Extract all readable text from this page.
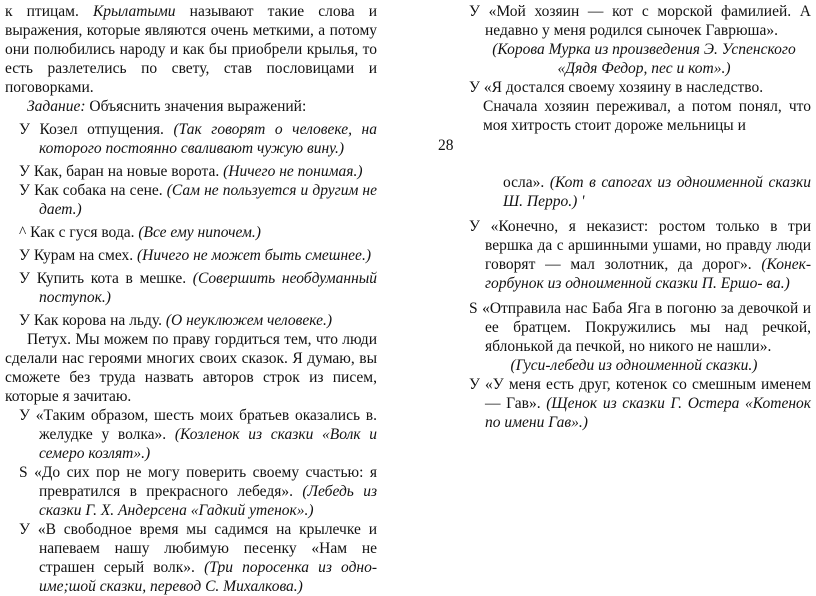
к птицам. Крылатыми называют такие слова и выражения, которые являются очень меткими, а потому они полюбились народу и как бы приобрели крылья, то есть разлетелись по свету, став пословицами и поговорками.

Задание: Объяснить значения выражений:

У Козел отпущения. (Так говорят о человеке, на которого постоянно сваливают чужую вину.)

У Как, баран на новые ворота. (Ничего не понимая.)

У Как собака на сене. (Сам не пользуется и другим не дает.)

^ Как с гуся вода. (Все ему нипочем.)

У Курам на смех. (Ничего не может быть смешнее.)

У Купить кота в мешке. (Совершить необдуманный поступок.)

У Как корова на льду. (О неуклюжем человеке.)

Петух. Мы можем по праву гордиться тем, что люди сделали нас героями многих своих сказок. Я думаю, вы сможете без труда назвать авторов строк из писем, которые я зачитаю.

У «Таким образом, шесть моих братьев оказались в. желудке у волка». (Козленок из сказки «Волк и семеро козлят».)

S «До сих пор не могу поверить своему счастью: я превратился в прекрасного лебедя». (Лебедь из сказки Г. Х. Андерсена «Гадкий утенок».)

У «В свободное время мы садимся на крылечке и напеваем нашу любимую песенку «Нам не страшен серый волк». (Три поросенка из одно-име;шой сказки, перевод С. Михалкова.)

28

У «Мой хозяин — кот с морской фамилией. А недавно у меня родился сыночек Гаврюша».

(Корова Мурка из произведения Э. Успенского «Дядя Федор, пес и кот».)

У «Я достался своему хозяину в наследство.

Сначала хозяин переживал, а потом понял, что моя хитрость стоит дороже мельницы и

осла». (Кот в сапогах из одноименной сказки Ш. Перро.) '

У «Конечно, я неказист: ростом только в три вершка да с аршинными ушами, но правду люди говорят — мал золотник, да дорог». (Конек-горбунок из одноименной сказки П. Ершо- ва.)

S «Отправила нас Баба Яга в погоню за девочкой и ее братцем. Покружились мы над речкой, яблонькой да печкой, но никого не нашли».

(Гуси-лебеди из одноименной сказки.)

У «У меня есть друг, котенок со смешным именем — Гав». (Щенок из сказки Г. Остера «Котенок по имени Гав».)
